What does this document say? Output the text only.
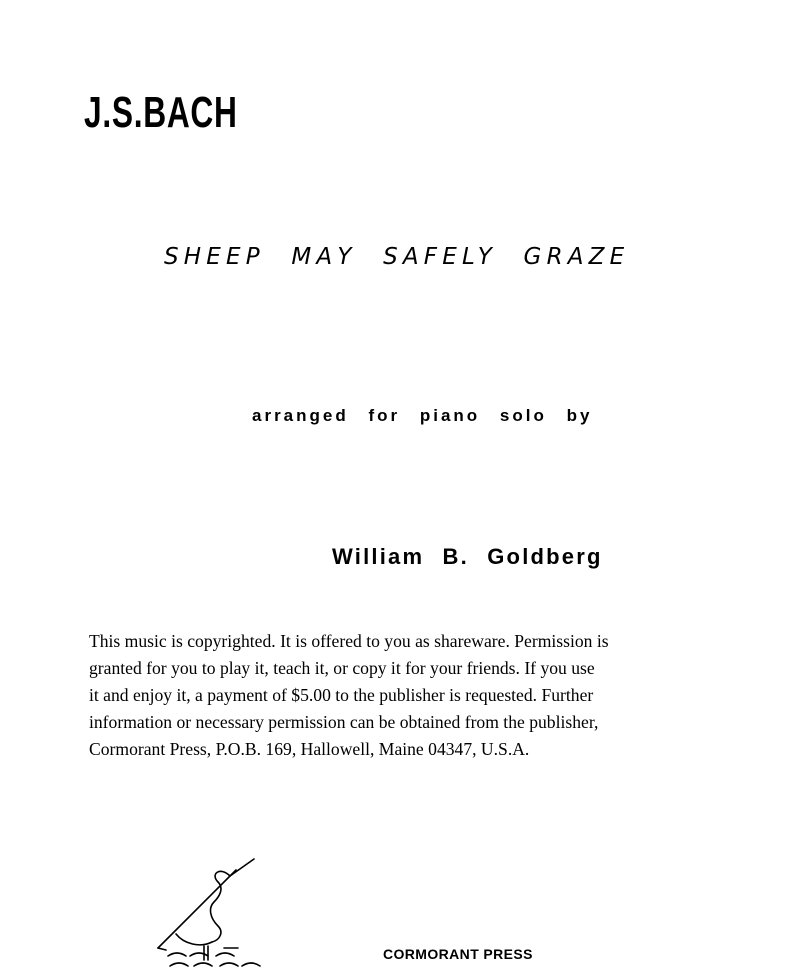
J.S.BACH
SHEEP MAY SAFELY GRAZE
arranged for piano solo by
William B. Goldberg

This music is copyrighted. It is offered to you as shareware. Permission is

granted for you to play it, teach it, or copy it for your friends. If you use

it and enjoy it, a payment of $5.00 to the publisher is requested. Further

information or necessary permission can be obtained from the publisher,

Cormorant Press, P.O.B. 169, Hallowell, Maine 04347, U.S.A.

CORMORANT PRESS
